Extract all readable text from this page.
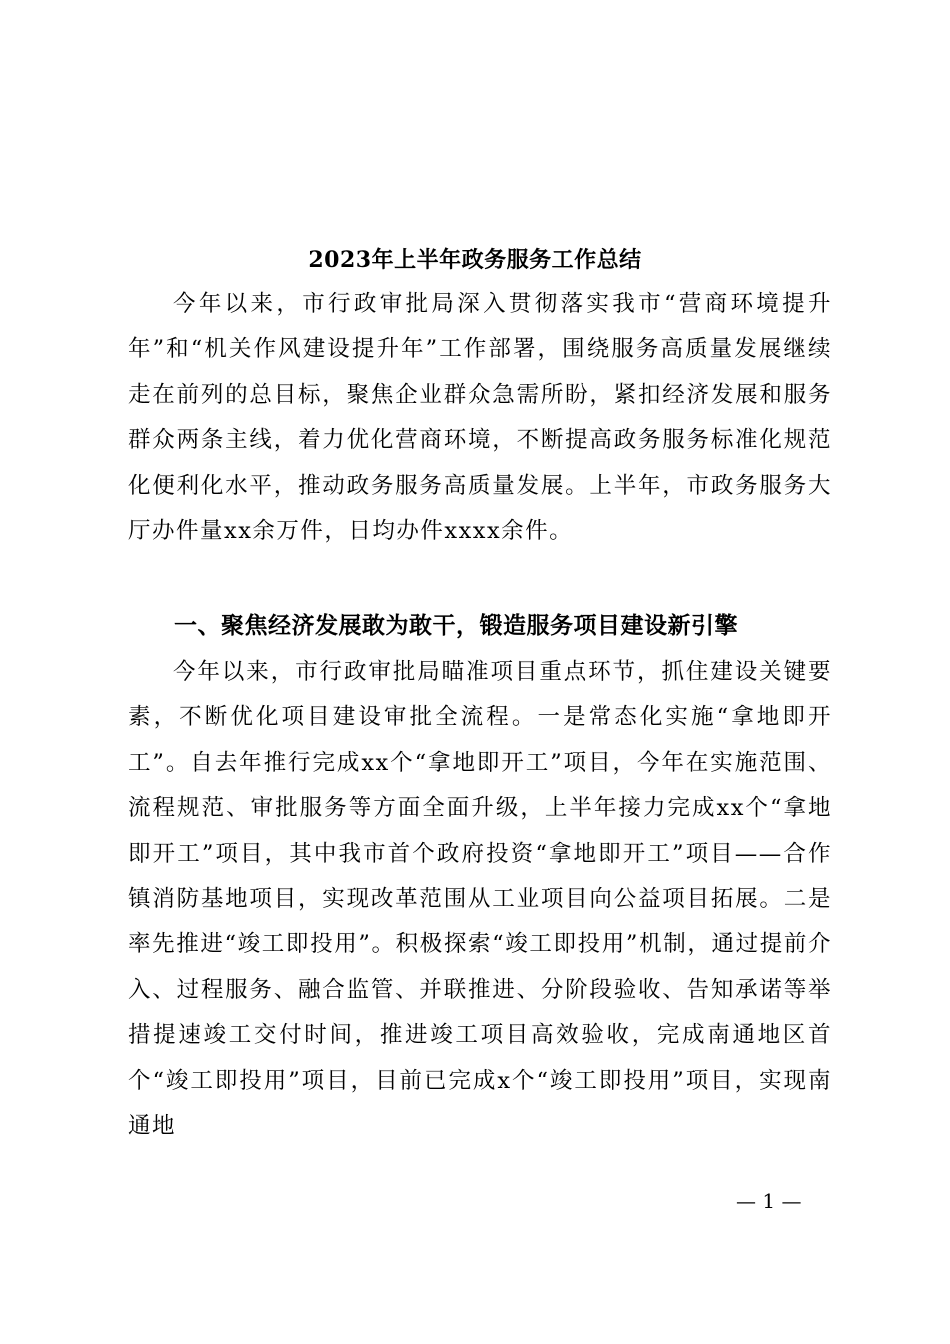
2023年上半年政务服务工作总结

今年以来，市行政审批局深入贯彻落实我市“营商环境提升年”和“机关作风建设提升年”工作部署，围绕服务高质量发展继续走在前列的总目标，聚焦企业群众急需所盼，紧扣经济发展和服务群众两条主线，着力优化营商环境，不断提高政务服务标准化规范化便利化水平，推动政务服务高质量发展。上半年，市政务服务大厅办件量xx余万件，日均办件xxxx余件。

一、聚焦经济发展敢为敢干，锻造服务项目建设新引擎

今年以来，市行政审批局瞄准项目重点环节，抓住建设关键要素，不断优化项目建设审批全流程。一是常态化实施“拿地即开工”。自去年推行完成xx个“拿地即开工”项目，今年在实施范围、流程规范、审批服务等方面全面升级，上半年接力完成xx个“拿地即开工”项目，其中我市首个政府投资“拿地即开工”项目——合作镇消防基地项目，实现改革范围从工业项目向公益项目拓展。二是率先推进“竣工即投用”。积极探索“竣工即投用”机制，通过提前介入、过程服务、融合监管、并联推进、分阶段验收、告知承诺等举措提速竣工交付时间，推进竣工项目高效验收，完成南通地区首个“竣工即投用”项目，目前已完成x个“竣工即投用”项目，实现南通地

— 1 —
